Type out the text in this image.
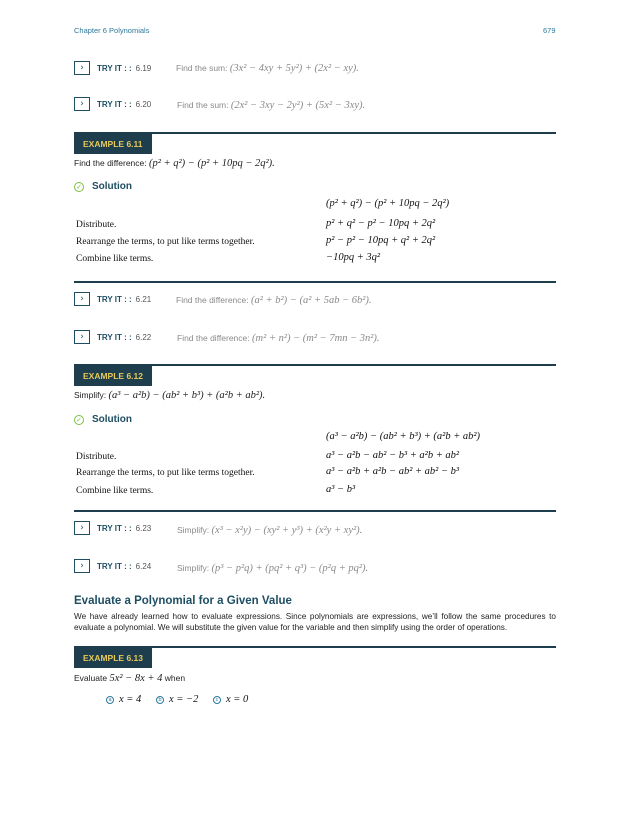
Chapter 6 Polynomials	679
›	TRY IT : : 6.19	Find the sum: (3x² − 4xy + 5y²) + (2x² − xy).
›	TRY IT : : 6.20	Find the sum: (2x² − 3xy − 2y²) + (5x² − 3xy).
EXAMPLE 6.11
Find the difference: (p² + q²) − (p² + 10pq − 2q²).
✓ Solution
(p² + q²) − (p² + 10pq − 2q²)
Distribute.	p² + q² − p² − 10pq + 2q²
Rearrange the terms, to put like terms together.	p² − p² − 10pq + q² + 2q²
Combine like terms.	−10pq + 3q²
›	TRY IT : : 6.21	Find the difference: (a² + b²) − (a² + 5ab − 6b²).
›	TRY IT : : 6.22	Find the difference: (m² + n²) − (m² − 7mn − 3n²).
EXAMPLE 6.12
Simplify: (a³ − a²b) − (ab² + b³) + (a²b + ab²).
✓ Solution
(a³ − a²b) − (ab² + b³) + (a²b + ab²)
Distribute.	a³ − a²b − ab² − b³ + a²b + ab²
Rearrange the terms, to put like terms together.	a³ − a²b + a²b − ab² + ab² − b³
Combine like terms.	a³ − b³
›	TRY IT : : 6.23	Simplify: (x³ − x²y) − (xy² + y³) + (x²y + xy²).
›	TRY IT : : 6.24	Simplify: (p³ − p²q) + (pq² + q³) − (p²q + pq²).
Evaluate a Polynomial for a Given Value
We have already learned how to evaluate expressions. Since polynomials are expressions, we’ll follow the same procedures to evaluate a polynomial. We will substitute the given value for the variable and then simplify using the order of operations.
EXAMPLE 6.13
Evaluate 5x² − 8x + 4 when
a x = 4	b x = −2	c x = 0
